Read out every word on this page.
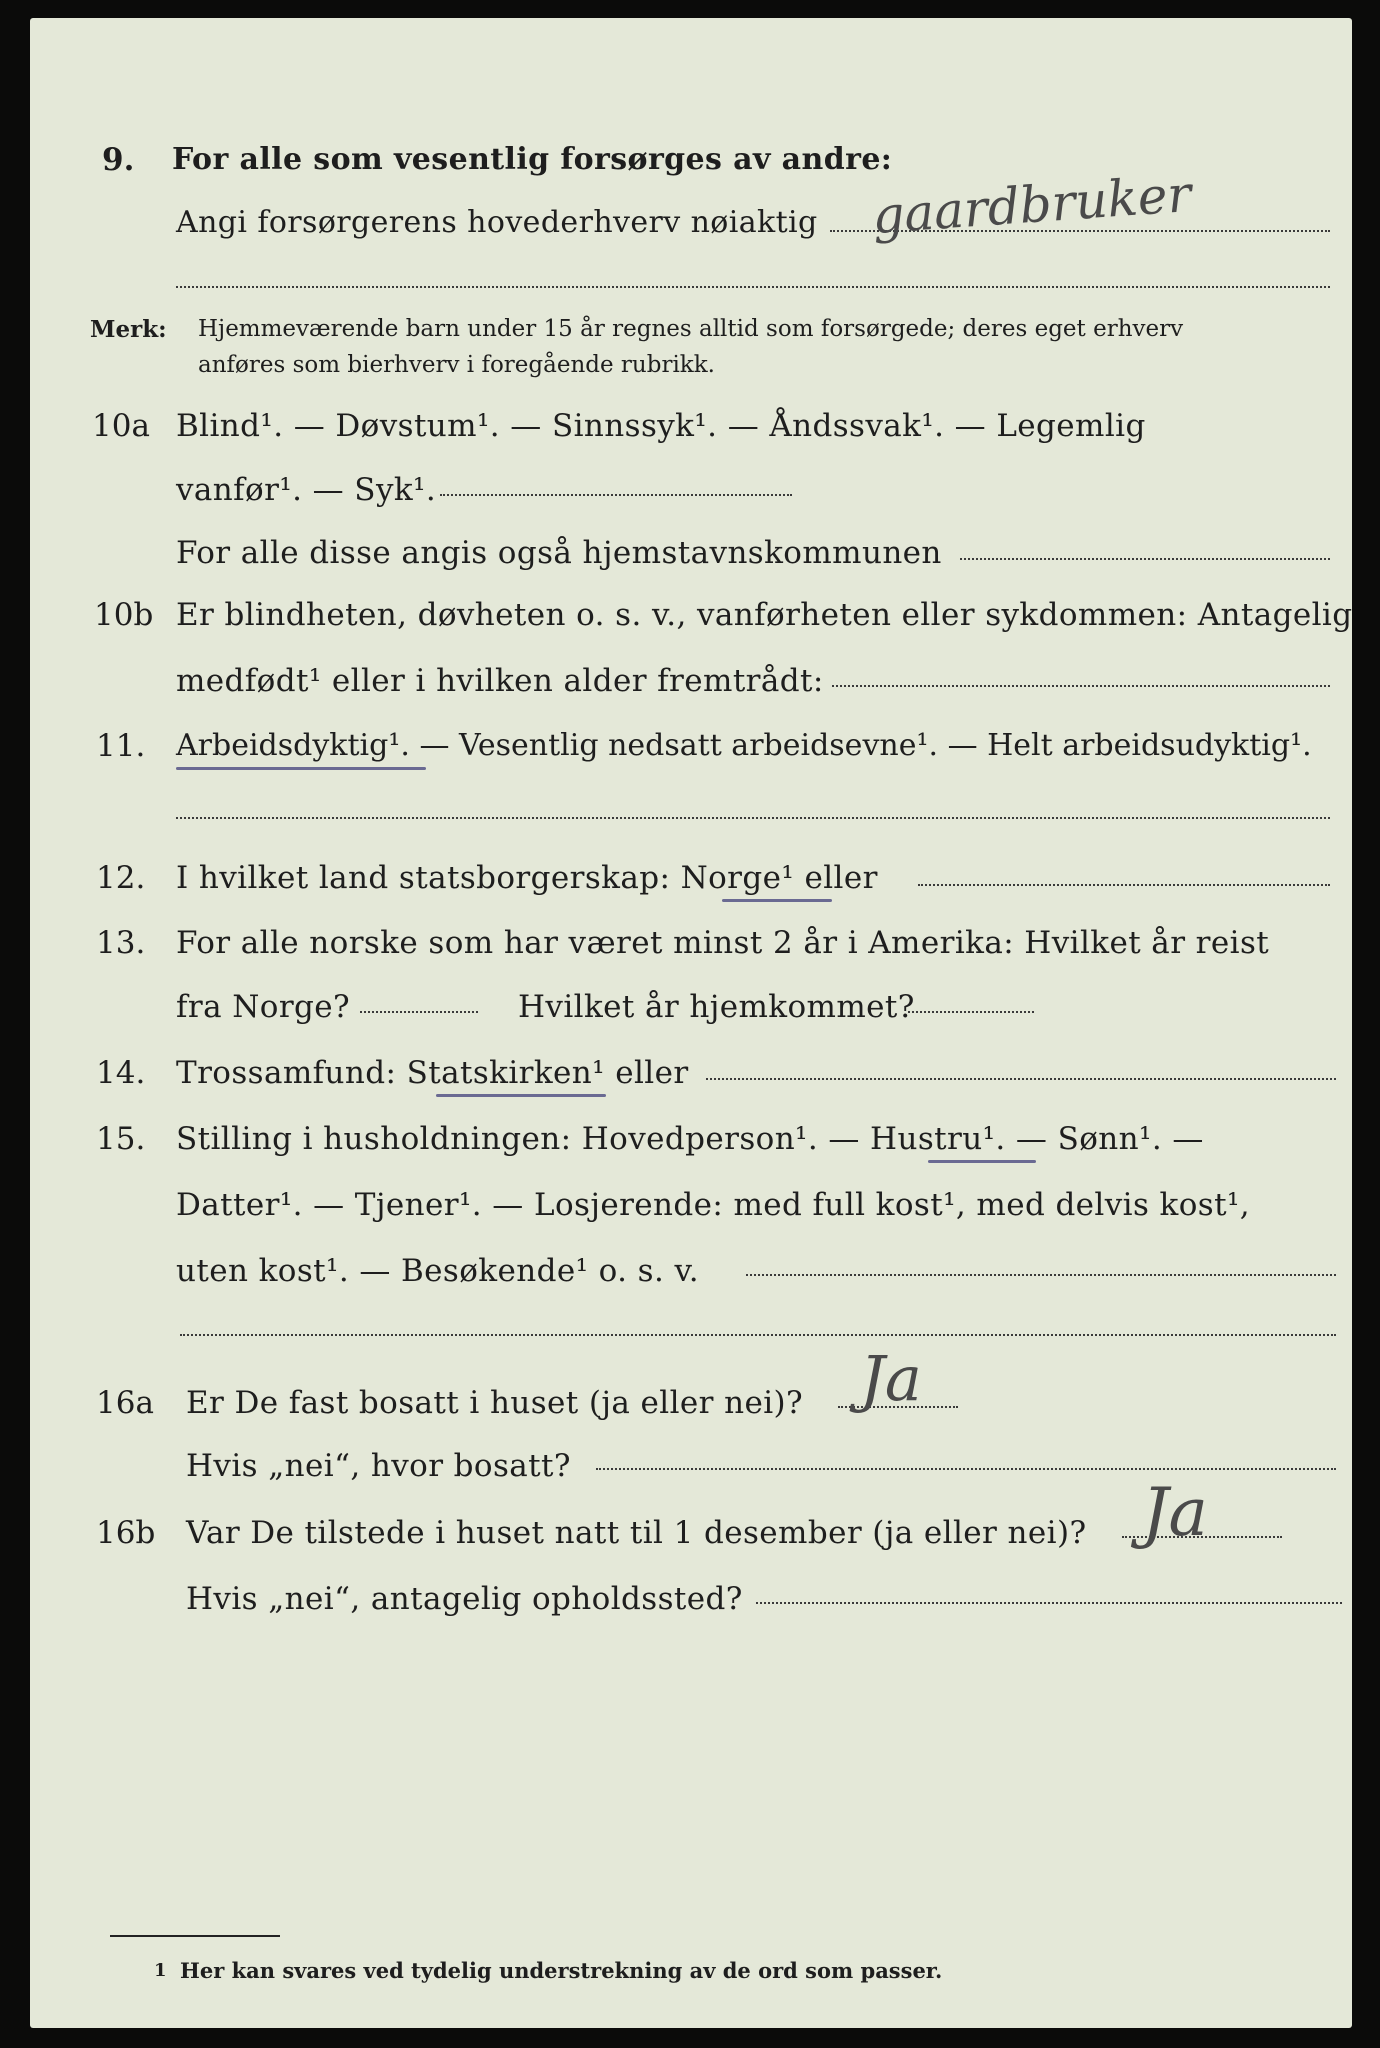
9. For alle som vesentlig forsørges av andre:
Angi forsørgerens hovederhverv nøiaktig gaardbruker
Merk: Hjemmeværende barn under 15 år regnes alltid som forsørgede; deres eget erhverv
anføres som bierhverv i foregående rubrikk.
10a Blind¹. — Døvstum¹. — Sinnssyk¹. — Åndssvak¹. — Legemlig
vanfør¹. — Syk¹.
For alle disse angis også hjemstavnskommunen
10b Er blindheten, døvheten o. s. v., vanførheten eller sykdommen: Antagelig
medfødt¹ eller i hvilken alder fremtrådt:
11. Arbeidsdyktig¹. — Vesentlig nedsatt arbeidsevne¹. — Helt arbeidsudyktig¹.
12. I hvilket land statsborgerskap: Norge¹ eller
13. For alle norske som har været minst 2 år i Amerika: Hvilket år reist
fra Norge?	Hvilket år hjemkommet?
14. Trossamfund: Statskirken¹ eller
15. Stilling i husholdningen: Hovedperson¹. — Hustru¹. — Sønn¹. —
Datter¹. — Tjener¹. — Losjerende: med full kost¹, med delvis kost¹,
uten kost¹. — Besøkende¹ o. s. v.
16a Er De fast bosatt i huset (ja eller nei)? Ja
Hvis „nei“, hvor bosatt?
16b Var De tilstede i huset natt til 1 desember (ja eller nei)? Ja
Hvis „nei“, antagelig opholdssted?
1 Her kan svares ved tydelig understrekning av de ord som passer.
